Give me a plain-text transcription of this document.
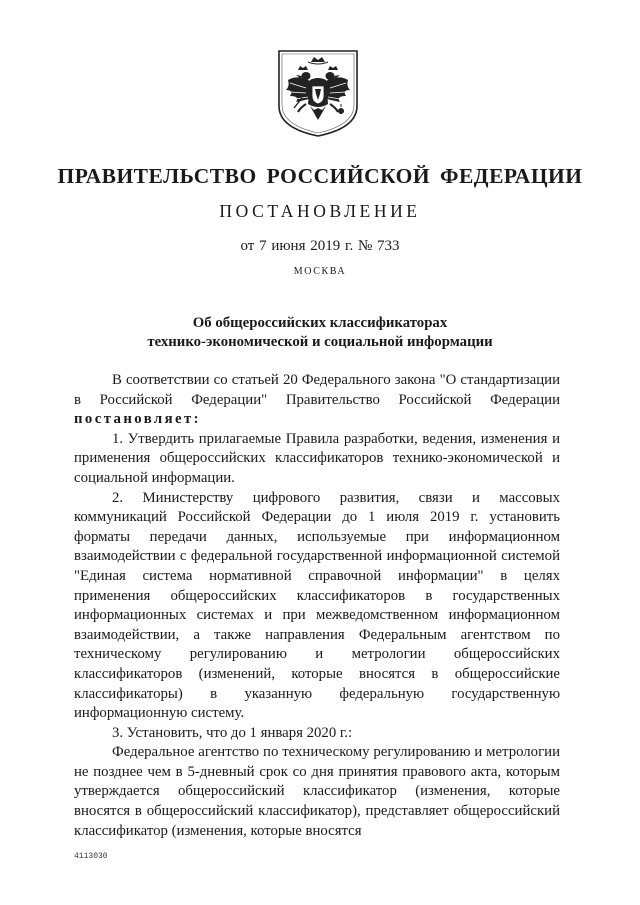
ПРАВИТЕЛЬСТВО РОССИЙСКОЙ ФЕДЕРАЦИИ
ПОСТАНОВЛЕНИЕ
от 7 июня 2019 г. № 733
МОСКВА
Об общероссийских классификаторах
технико-экономической и социальной информации

В соответствии со статьей 20 Федерального закона "О стандартизации в Российской Федерации" Правительство Российской Федерации постановляет:

1. Утвердить прилагаемые Правила разработки, ведения, изменения и применения общероссийских классификаторов технико-экономической и социальной информации.

2. Министерству цифрового развития, связи и массовых коммуникаций Российской Федерации до 1 июля 2019 г. установить форматы передачи данных, используемые при информационном взаимодействии с федеральной государственной информационной системой "Единая система нормативной справочной информации" в целях применения общероссийских классификаторов в государственных информационных системах и при межведомственном информационном взаимодействии, а также направления Федеральным агентством по техническому регулированию и метрологии общероссийских классификаторов (изменений, которые вносятся в общероссийские классификаторы) в указанную федеральную государственную информационную систему.

3. Установить, что до 1 января 2020 г.:

Федеральное агентство по техническому регулированию и метрологии не позднее чем в 5-дневный срок со дня принятия правового акта, которым утверждается общероссийский классификатор (изменения, которые вносятся в общероссийский классификатор), представляет общероссийский классификатор (изменения, которые вносятся

4113030
